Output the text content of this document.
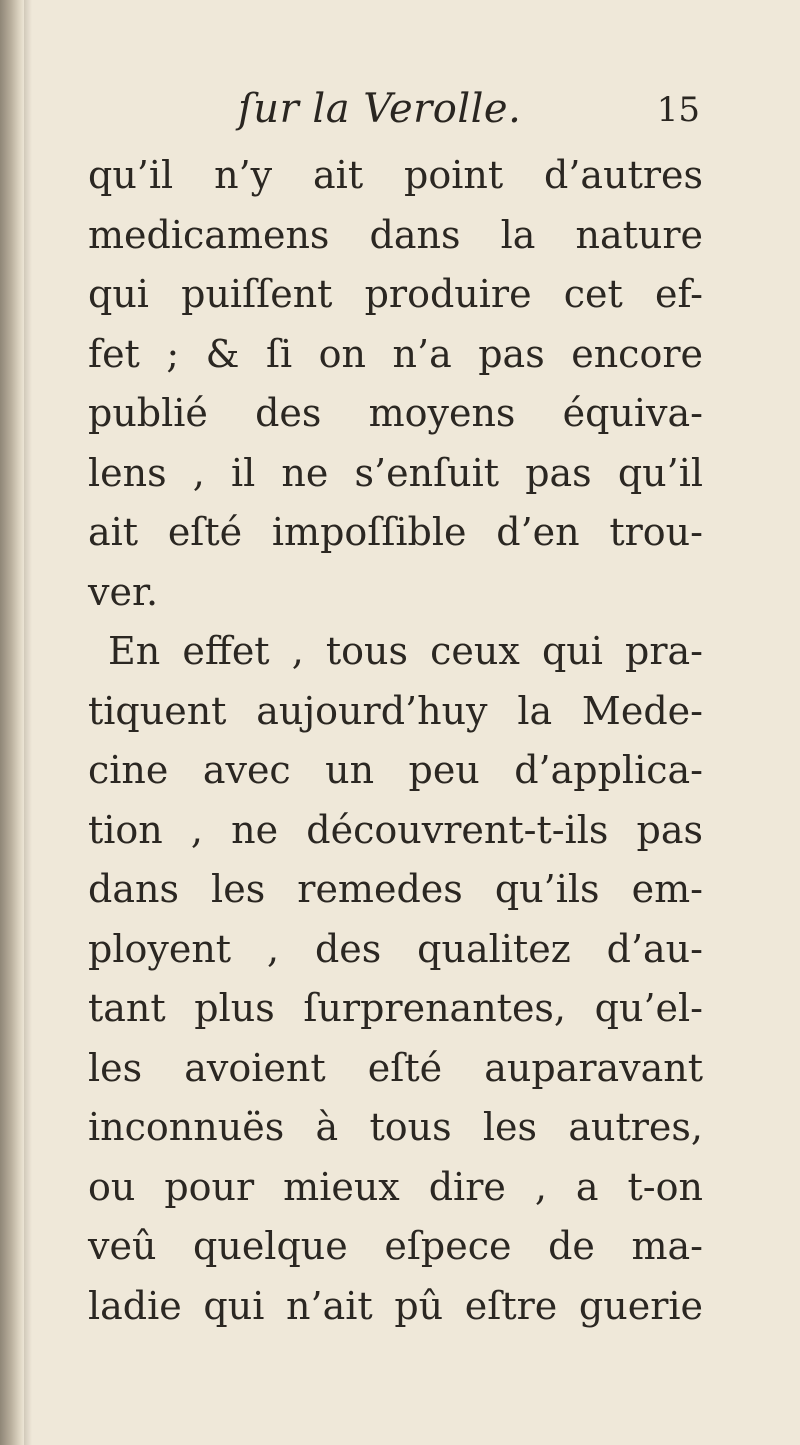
ſur la Verolle.	15
qu’il n’y ait point d’autres
medicamens dans la nature
qui puiſſent produire cet ef-
fet ; & ſi on n’a pas encore
publié des moyens équiva-
lens , il ne s’enſuit pas qu’il
ait eſté impoſſible d’en trou-
ver.
En effet , tous ceux qui pra-
tiquent aujourd’huy la Mede-
cine avec un peu d’applica-
tion , ne découvrent-t-ils pas
dans les remedes qu’ils em-
ployent , des qualitez d’au-
tant plus ſurprenantes, qu’el-
les avoient eſté auparavant
inconnuës à tous les autres,
ou pour mieux dire , a t-on
veû quelque eſpece de ma-
ladie qui n’ait pû eſtre guerie
